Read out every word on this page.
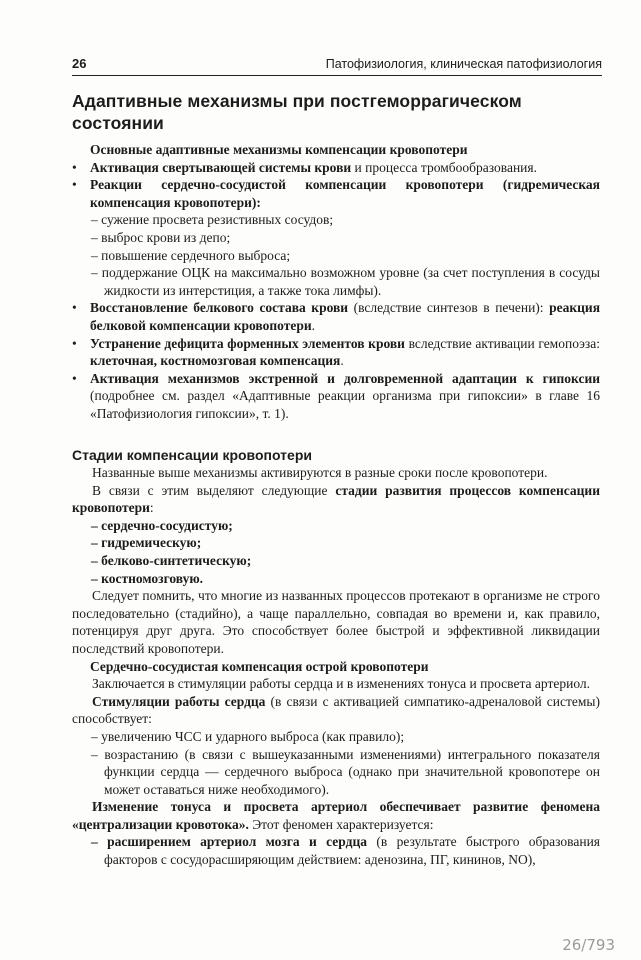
26	Патофизиология, клиническая патофизиология
Адаптивные механизмы при постгеморрагическом состоянии

Основные адаптивные механизмы компенсации кровопотери

• Активация свертывающей системы крови и процесса тромбообразования.

• Реакции сердечно-сосудистой компенсации кровопотери (гидремическая компенсация кровопотери):

– сужение просвета резистивных сосудов;

– выброс крови из депо;

– повышение сердечного выброса;

– поддержание ОЦК на максимально возможном уровне (за счет поступления в сосуды жидкости из интерстиция, а также тока лимфы).

• Восстановление белкового состава крови (вследствие синтезов в печени): реакция белковой компенсации кровопотери.

• Устранение дефицита форменных элементов крови вследствие активации гемопоэза: клеточная, костномозговая компенсация.

• Активация механизмов экстренной и долговременной адаптации к гипоксии (подробнее см. раздел «Адаптивные реакции организма при гипоксии» в главе 16 «Патофизиология гипоксии», т. 1).

Стадии компенсации кровопотери

Названные выше механизмы активируются в разные сроки после кровопотери.

В связи с этим выделяют следующие стадии развития процессов компенсации кровопотери:

– сердечно-сосудистую;

– гидремическую;

– белково-синтетическую;

– костномозговую.

Следует помнить, что многие из названных процессов протекают в организме не строго последовательно (стадийно), а чаще параллельно, совпадая во времени и, как правило, потенцируя друг друга. Это способствует более быстрой и эффективной ликвидации последствий кровопотери.

Сердечно-сосудистая компенсация острой кровопотери

Заключается в стимуляции работы сердца и в изменениях тонуса и просвета артериол.

Стимуляции работы сердца (в связи с активацией симпатико-адреналовой системы) способствует:

– увеличению ЧСС и ударного выброса (как правило);

– возрастанию (в связи с вышеуказанными изменениями) интегрального показателя функции сердца — сердечного выброса (однако при значительной кровопотере он может оставаться ниже необходимого).

Изменение тонуса и просвета артериол обеспечивает развитие феномена «централизации кровотока». Этот феномен характеризуется:

– расширением артериол мозга и сердца (в результате быстрого образования факторов с сосудорасширяющим действием: аденозина, ПГ, кининов, NO),

26/793
